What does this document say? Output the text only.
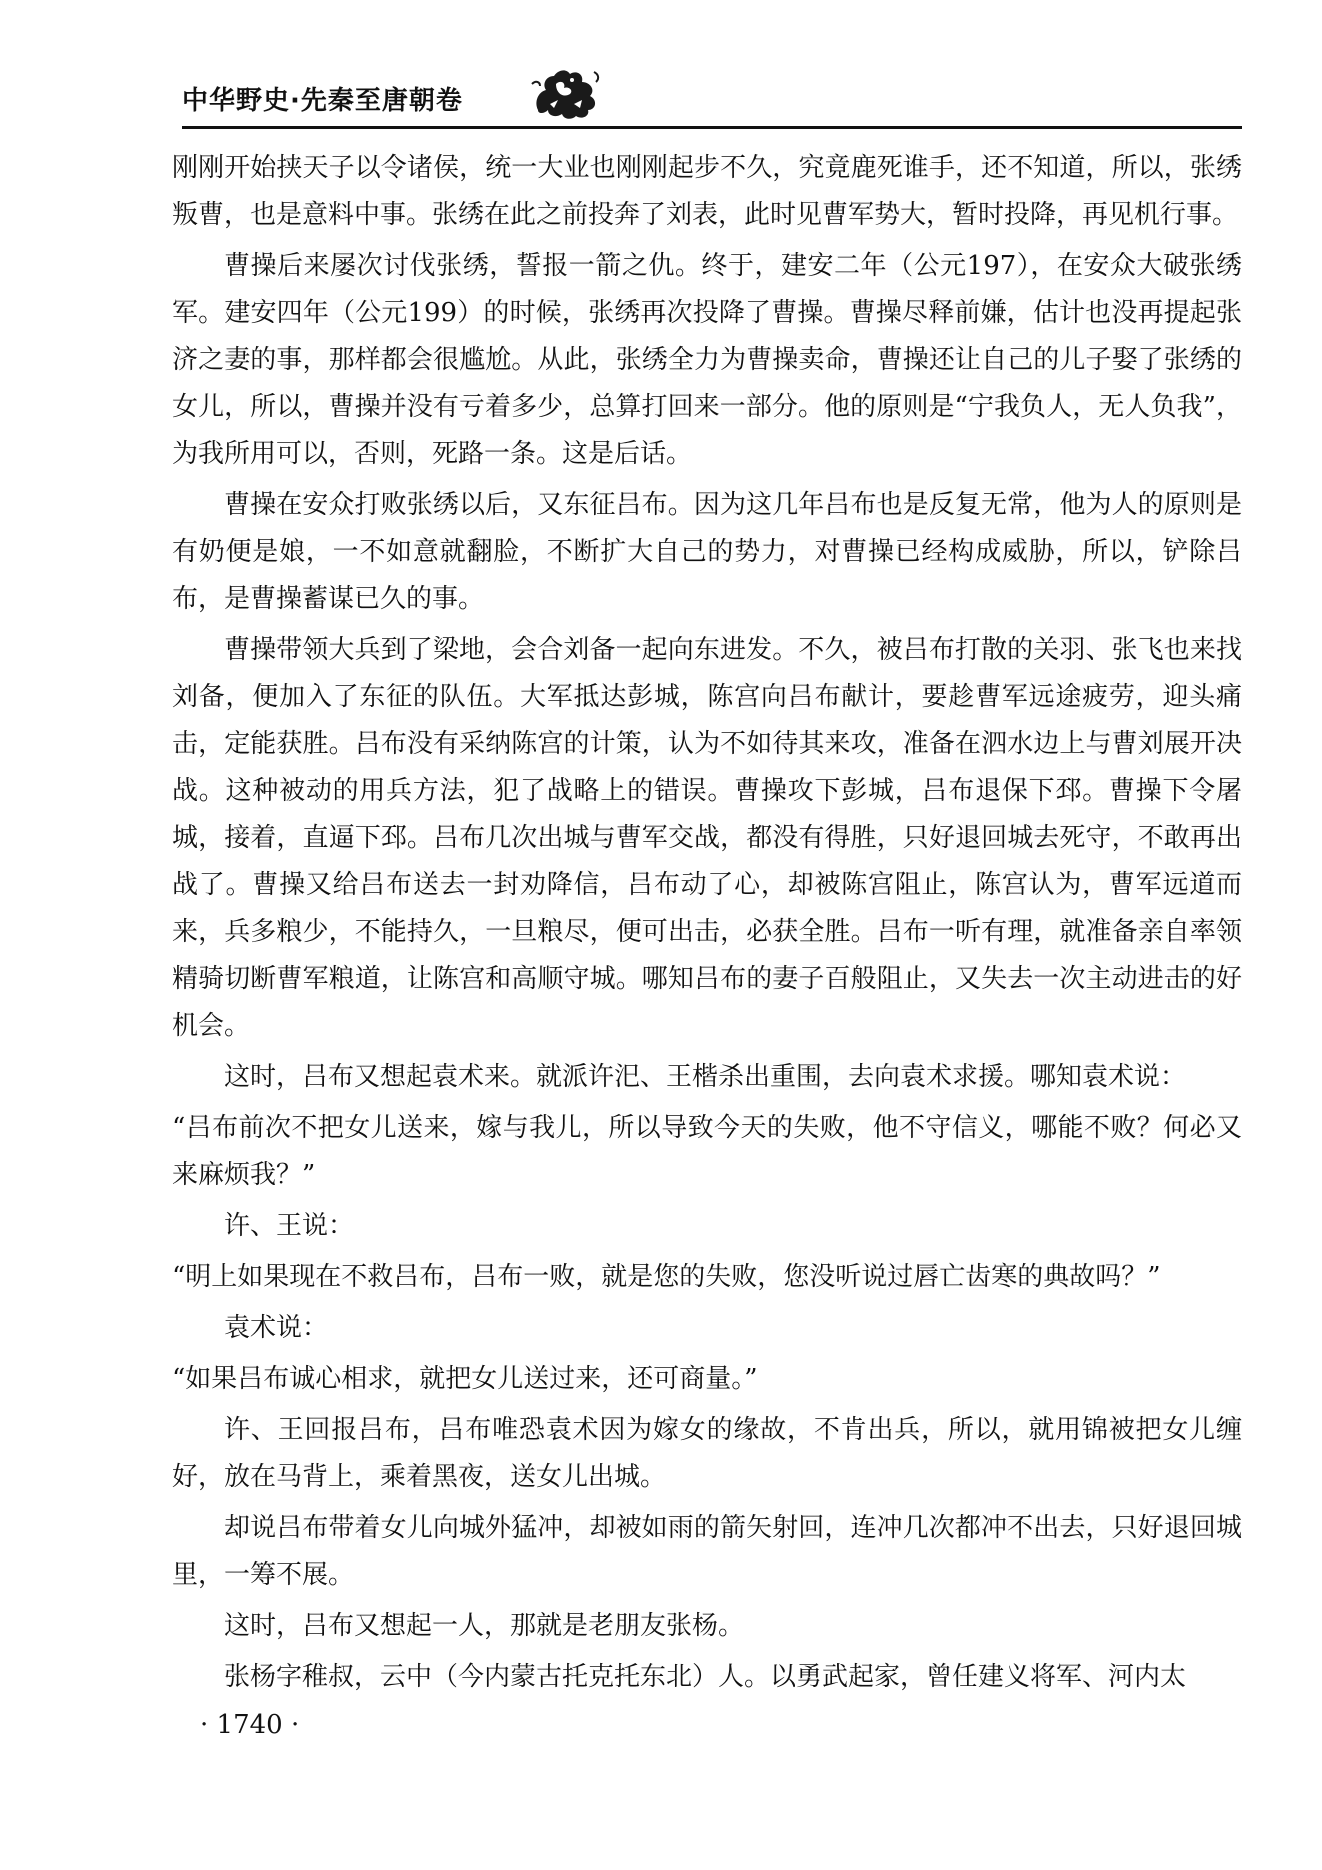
中华野史·先秦至唐朝卷

刚刚开始挟天子以令诸侯，统一大业也刚刚起步不久，究竟鹿死谁手，还不知道，所以，张绣叛曹，也是意料中事。张绣在此之前投奔了刘表，此时见曹军势大，暂时投降，再见机行事。

曹操后来屡次讨伐张绣，誓报一箭之仇。终于，建安二年（公元197），在安众大破张绣军。建安四年（公元199）的时候，张绣再次投降了曹操。曹操尽释前嫌，估计也没再提起张济之妻的事，那样都会很尴尬。从此，张绣全力为曹操卖命，曹操还让自己的儿子娶了张绣的女儿，所以，曹操并没有亏着多少，总算打回来一部分。他的原则是“宁我负人，无人负我”，为我所用可以，否则，死路一条。这是后话。

曹操在安众打败张绣以后，又东征吕布。因为这几年吕布也是反复无常，他为人的原则是有奶便是娘，一不如意就翻脸，不断扩大自己的势力，对曹操已经构成威胁，所以，铲除吕布，是曹操蓄谋已久的事。

曹操带领大兵到了梁地，会合刘备一起向东进发。不久，被吕布打散的关羽、张飞也来找刘备，便加入了东征的队伍。大军抵达彭城，陈宫向吕布献计，要趁曹军远途疲劳，迎头痛击，定能获胜。吕布没有采纳陈宫的计策，认为不如待其来攻，准备在泗水边上与曹刘展开决战。这种被动的用兵方法，犯了战略上的错误。曹操攻下彭城，吕布退保下邳。曹操下令屠城，接着，直逼下邳。吕布几次出城与曹军交战，都没有得胜，只好退回城去死守，不敢再出战了。曹操又给吕布送去一封劝降信，吕布动了心，却被陈宫阻止，陈宫认为，曹军远道而来，兵多粮少，不能持久，一旦粮尽，便可出击，必获全胜。吕布一听有理，就准备亲自率领精骑切断曹军粮道，让陈宫和高顺守城。哪知吕布的妻子百般阻止，又失去一次主动进击的好机会。

这时，吕布又想起袁术来。就派许汜、王楷杀出重围，去向袁术求援。哪知袁术说：

“吕布前次不把女儿送来，嫁与我儿，所以导致今天的失败，他不守信义，哪能不败？何必又来麻烦我？”

许、王说：

“明上如果现在不救吕布，吕布一败，就是您的失败，您没听说过唇亡齿寒的典故吗？”

袁术说：

“如果吕布诚心相求，就把女儿送过来，还可商量。”

许、王回报吕布，吕布唯恐袁术因为嫁女的缘故，不肯出兵，所以，就用锦被把女儿缠好，放在马背上，乘着黑夜，送女儿出城。

却说吕布带着女儿向城外猛冲，却被如雨的箭矢射回，连冲几次都冲不出去，只好退回城里，一筹不展。

这时，吕布又想起一人，那就是老朋友张杨。

张杨字稚叔，云中（今内蒙古托克托东北）人。以勇武起家，曾任建义将军、河内太

· 1740 ·
